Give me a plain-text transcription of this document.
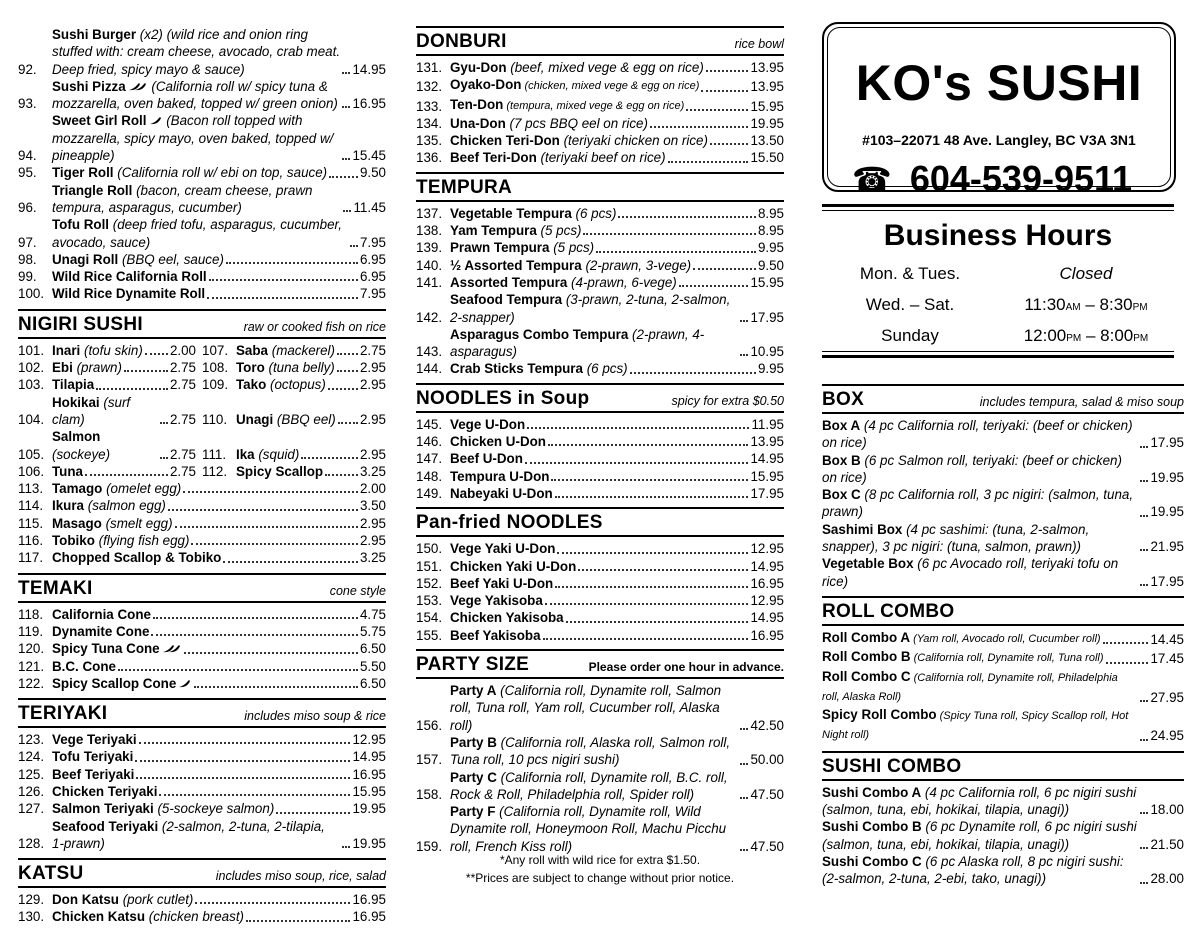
92.
Sushi Burger (x2) (wild rice and onion ring stuffed with: cream cheese, avocado, crab meat. Deep fried, spicy mayo & sauce)	14.95
93.
Sushi Pizza (California roll w/ spicy tuna & mozzarella, oven baked, topped w/ green onion) 16.95
94.
Sweet Girl Roll (Bacon roll topped with mozzarella, spicy mayo, oven baked, topped w/ pineapple)	15.45
95.	Tiger Roll (California roll w/ ebi on top, sauce) 9.50
96.
Triangle Roll (bacon, cream cheese, prawn tempura, asparagus, cucumber)	11.45
97.
Tofu Roll (deep fried tofu, asparagus, cucumber, avocado, sauce)	7.95
98.	Unagi Roll (BBQ eel, sauce)	6.95
99.	Wild Rice California Roll	6.95
100. Wild Rice Dynamite Roll	7.95
NIGIRI SUSHI	raw or cooked fish on rice
101. Inari (tofu skin) 2.00 107. Saba (mackerel) 2.75
102. Ebi (prawn)	2.75 108. Toro (tuna belly) 2.95
103. Tilapia	2.75 109. Tako (octopus)	2.95
104.
Hokikai (surf clam)	2.75 110. Unagi (BBQ eel) 2.95
105.
Salmon (sockeye)	2.75 111. Ika (squid)	2.95
106. Tuna	2.75 112. Spicy Scallop	3.25
113. Tamago (omelet egg)	2.00
114. Ikura (salmon egg)	3.50
115. Masago (smelt egg)	2.95
116. Tobiko (flying fish egg)	2.95
117. Chopped Scallop & Tobiko	3.25
TEMAKI	cone style
118. California Cone	4.75
119. Dynamite Cone	5.75
120. Spicy Tuna Cone	6.50
121. B.C. Cone	5.50
122. Spicy Scallop Cone	6.50
TERIYAKI	includes miso soup & rice
123. Vege Teriyaki	12.95
124. Tofu Teriyaki	14.95
125. Beef Teriyaki	16.95
126. Chicken Teriyaki	15.95
127. Salmon Teriyaki (5-sockeye salmon)	19.95
128.
Seafood Teriyaki (2-salmon, 2-tuna, 2-tilapia, 1-prawn)	19.95
KATSU	includes miso soup, rice, salad
129. Don Katsu (pork cutlet)	16.95
130. Chicken Katsu (chicken breast)	16.95
DONBURI	rice bowl
131. Gyu-Don (beef, mixed vege & egg on rice)	13.95
132. Oyako-Don (chicken, mixed vege & egg on rice)	13.95
133. Ten-Don (tempura, mixed vege & egg on rice)	15.95
134. Una-Don (7 pcs BBQ eel on rice)	19.95
135. Chicken Teri-Don (teriyaki chicken on rice)	13.50
136. Beef Teri-Don (teriyaki beef on rice)	15.50
TEMPURA
137. Vegetable Tempura (6 pcs)	8.95
138. Yam Tempura (5 pcs)	8.95
139. Prawn Tempura (5 pcs)	9.95
140. ½ Assorted Tempura (2-prawn, 3-vege)	9.50
141. Assorted Tempura (4-prawn, 6-vege)	15.95
142.
Seafood Tempura (3-prawn, 2-tuna, 2-salmon, 2-snapper)	17.95
143.
Asparagus Combo Tempura (2-prawn, 4-asparagus)	10.95
144. Crab Sticks Tempura (6 pcs)	9.95
NOODLES in Soup	spicy for extra $0.50
145. Vege U-Don	11.95
146. Chicken U-Don	13.95
147. Beef U-Don	14.95
148. Tempura U-Don	15.95
149. Nabeyaki U-Don	17.95
Pan-fried NOODLES
150. Vege Yaki U-Don	12.95
151. Chicken Yaki U-Don	14.95
152. Beef Yaki U-Don	16.95
153. Vege Yakisoba	12.95
154. Chicken Yakisoba	14.95
155. Beef Yakisoba	16.95
PARTY SIZE	Please order one hour in advance.
156.
Party A (California roll, Dynamite roll, Salmon roll, Tuna roll, Yam roll, Cucumber roll, Alaska roll)	42.50
157.
Party B (California roll, Alaska roll, Salmon roll, Tuna roll, 10 pcs nigiri sushi)	50.00
158.
Party C (California roll, Dynamite roll, B.C. roll, Rock & Roll, Philadelphia roll, Spider roll)	47.50
159.
Party F (California roll, Dynamite roll, Wild Dynamite roll, Honeymoon Roll, Machu Picchu roll, French Kiss roll)	47.50
*Any roll with wild rice for extra $1.50.
**Prices are subject to change without prior notice.
KO's SUSHI
#103–22071 48 Ave. Langley, BC V3A 3N1
☎ 604-539-9511
Business Hours
Mon. & Tues.	Closed
Wed. – Sat.	11:30AM – 8:30PM
Sunday	12:00PM – 8:00PM
BOX	includes tempura, salad & miso soup
Box A (4 pc California roll, teriyaki: (beef or chicken) on rice)	17.95
Box B (6 pc Salmon roll, teriyaki: (beef or chicken) on rice)	19.95
Box C (8 pc California roll, 3 pc nigiri: (salmon, tuna, prawn)	19.95
Sashimi Box (4 pc sashimi: (tuna, 2-salmon, snapper), 3 pc nigiri: (tuna, salmon, prawn))	21.95
Vegetable Box (6 pc Avocado roll, teriyaki tofu on rice)	17.95
ROLL COMBO
Roll Combo A (Yam roll, Avocado roll, Cucumber roll)	14.45
Roll Combo B (California roll, Dynamite roll, Tuna roll)	17.45
Roll Combo C (California roll, Dynamite roll, Philadelphia roll, Alaska Roll)	27.95
Spicy Roll Combo (Spicy Tuna roll, Spicy Scallop roll, Hot Night roll)	24.95
SUSHI COMBO
Sushi Combo A (4 pc California roll, 6 pc nigiri sushi (salmon, tuna, ebi, hokikai, tilapia, unagi))	18.00
Sushi Combo B (6 pc Dynamite roll, 6 pc nigiri sushi (salmon, tuna, ebi, hokikai, tilapia, unagi))	21.50
Sushi Combo C (6 pc Alaska roll, 8 pc nigiri sushi: (2-salmon, 2-tuna, 2-ebi, tako, unagi))	28.00
